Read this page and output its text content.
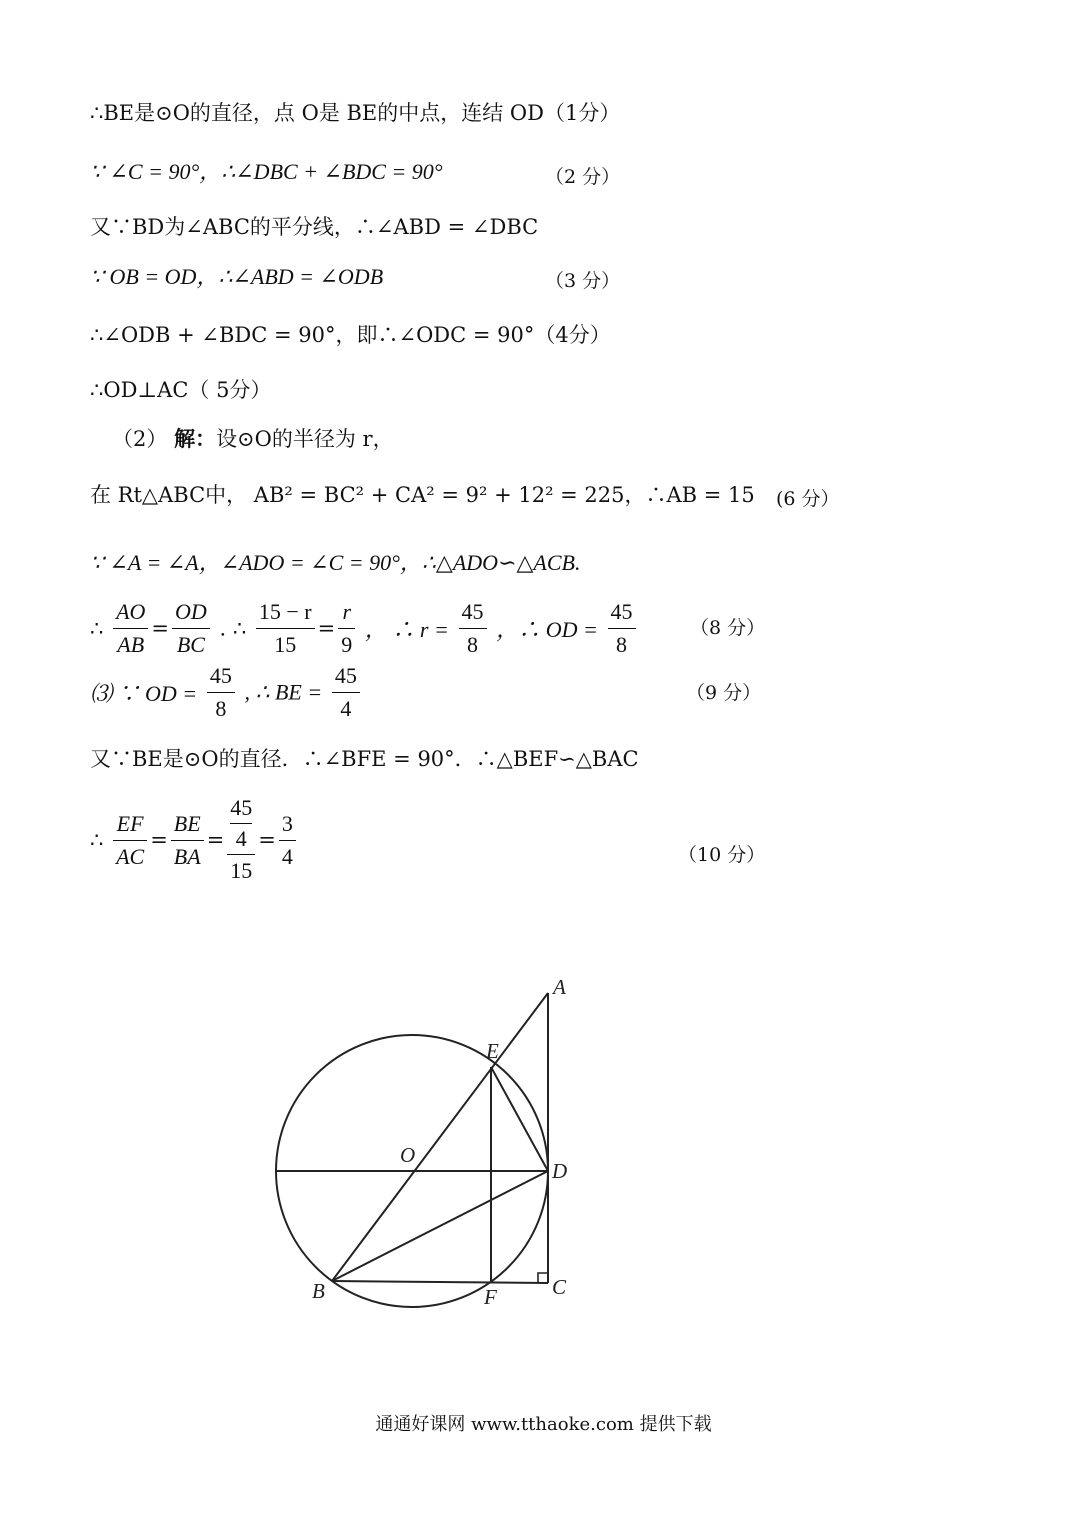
∴BE是⊙O的直径，点 O是 BE的中点，连结 OD（1分）
∵ ∠C = 90°，∴∠DBC + ∠BDC = 90°	（2 分）
又∵BD为∠ABC的平分线，∴∠ABD = ∠DBC
∵ OB = OD，∴∠ABD = ∠ODB	（3 分）
∴∠ODB + ∠BDC = 90°，即∴∠ODC = 90°（4分）
∴OD⊥AC（ 5分）
（2） 解：设⊙O的半径为 r，
在 Rt△ABC中， AB² = BC² + CA² = 9² + 12² = 225，∴AB = 15 (6 分）
∵ ∠A = ∠A，∠ADO = ∠C = 90°，∴△ADO∽△ACB.
∴ $\frac{AO}{AB} = \frac{OD}{BC}$ . ∴ $\frac{15 - r}{15} = \frac{r}{9}$ ， ∴ $r = \frac{45}{8}$ ，∴ OD = $\frac{45}{8}$	（8 分）
⑶ ∵ OD = $\frac{45}{8}$ , ∴ BE = $\frac{45}{4}$	（9 分）
又∵BE是⊙O的直径．∴∠BFE = 90°．∴△BEF∽△BAC
∴ $\frac{EF}{AC} = \frac{BE}{BA} = 45$
4
$15 = \frac{3}{4}$	（10 分）
A
E
O
D
B	F	C
通通好课网 www.tthaoke.com 提供下载
